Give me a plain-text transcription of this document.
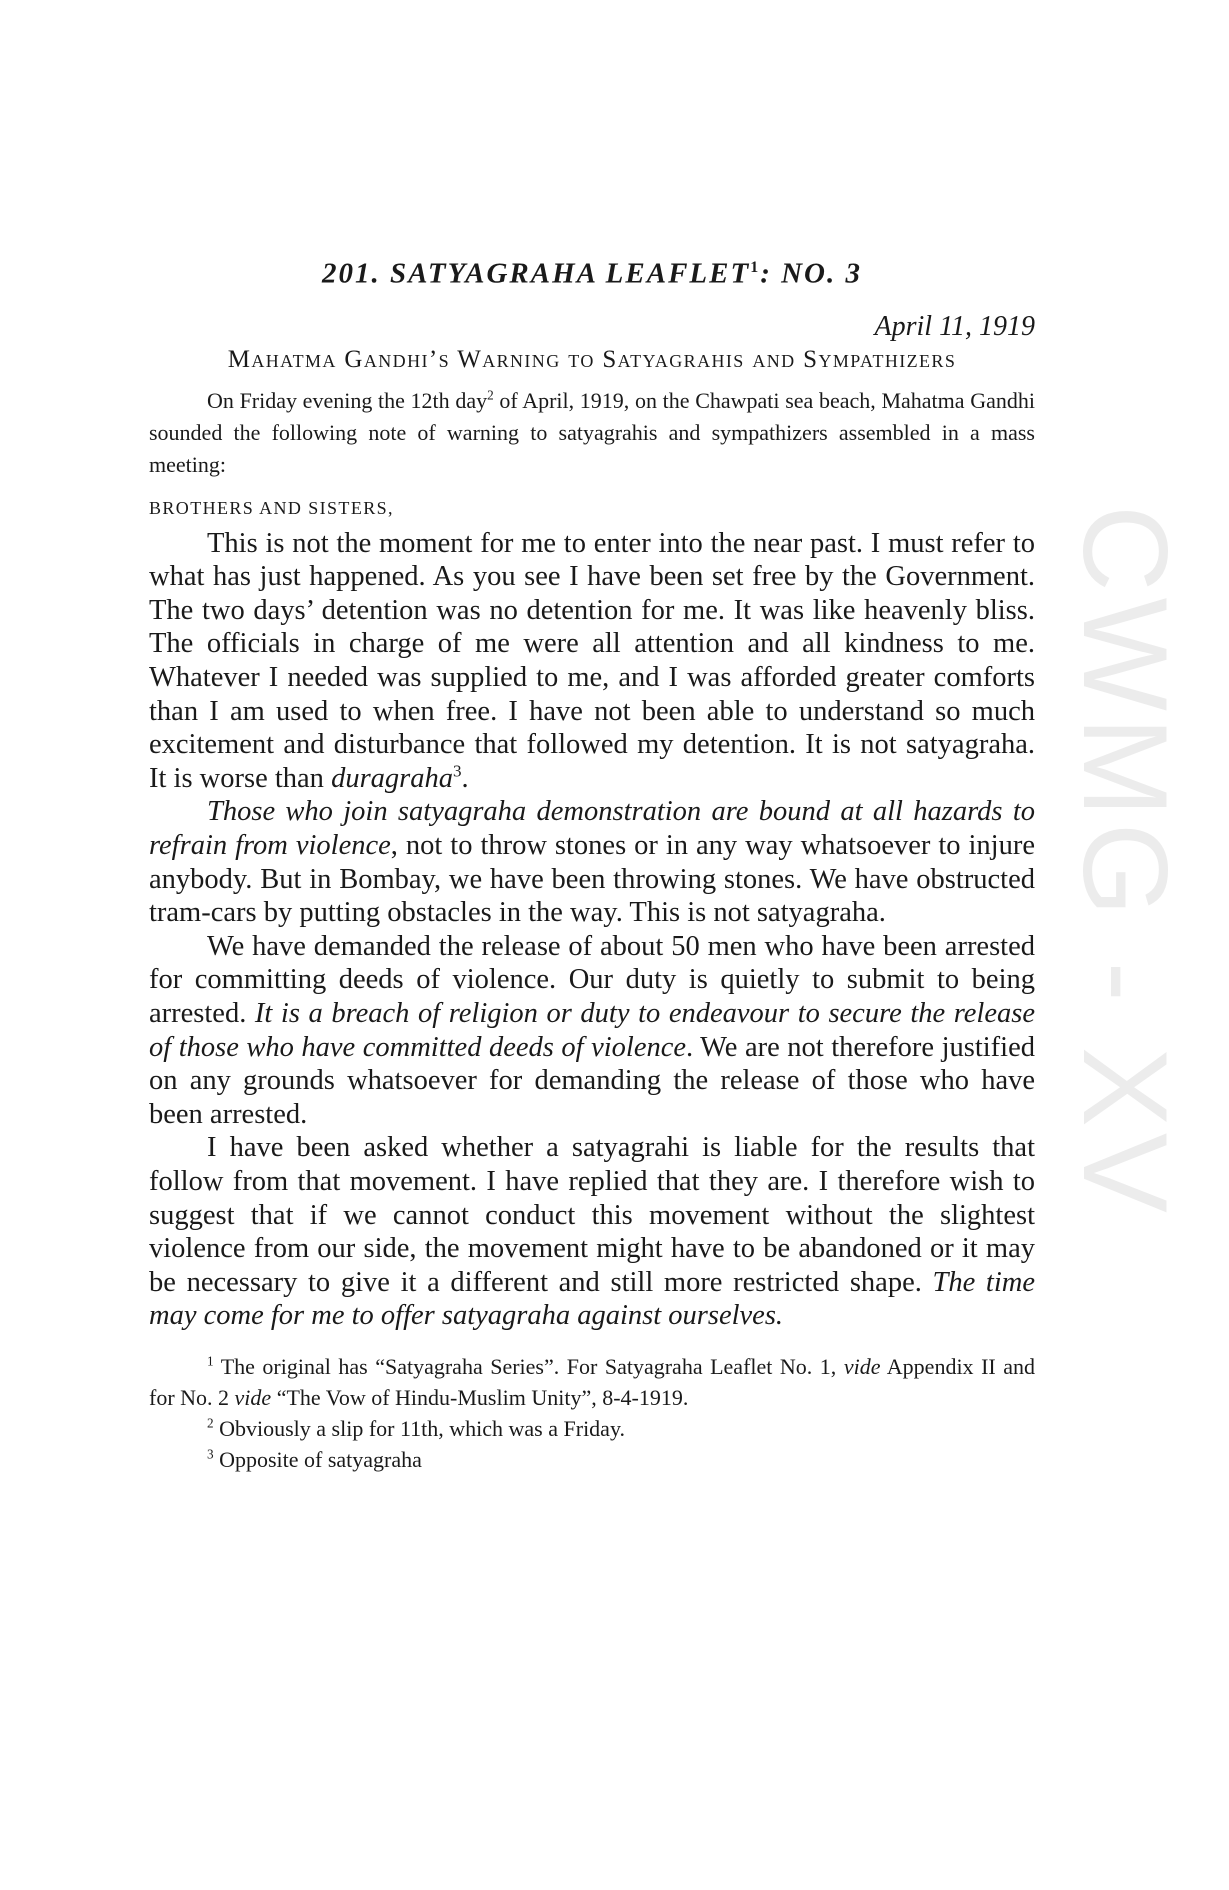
CWMG - XV
201. SATYAGRAHA LEAFLET$^1$: NO. 3

April 11, 1919

Mahatma Gandhi’s Warning to Satyagrahis and Sympathizers

On Friday evening the 12th day$^2$ of April, 1919, on the Chawpati sea beach, Mahatma Gandhi sounded the following note of warning to satyagrahis and sympathizers assembled in a mass meeting:

BROTHERS AND SISTERS,

This is not the moment for me to enter into the near past. I must refer to what has just happened. As you see I have been set free by the Government. The two days’ detention was no detention for me. It was like heavenly bliss. The officials in charge of me were all attention and all kindness to me. Whatever I needed was supplied to me, and I was afforded greater comforts than I am used to when free. I have not been able to understand so much excitement and disturbance that followed my detention. It is not satyagraha. It is worse than duragraha$^3$.

Those who join satyagraha demonstration are bound at all hazards to refrain from violence, not to throw stones or in any way whatsoever to injure anybody. But in Bombay, we have been throwing stones. We have obstructed tram-cars by putting obstacles in the way. This is not satyagraha.

We have demanded the release of about 50 men who have been arrested for committing deeds of violence. Our duty is quietly to submit to being arrested. It is a breach of religion or duty to endeavour to secure the release of those who have committed deeds of violence. We are not therefore justified on any grounds whatsoever for demanding the release of those who have been arrested.

I have been asked whether a satyagrahi is liable for the results that follow from that movement. I have replied that they are. I therefore wish to suggest that if we cannot conduct this movement without the slightest violence from our side, the movement might have to be abandoned or it may be necessary to give it a different and still more restricted shape. The time may come for me to offer satyagraha against ourselves.

$^1$ The original has “Satyagraha Series”. For Satyagraha Leaflet No. 1, vide Appendix II and for No. 2 vide “The Vow of Hindu-Muslim Unity”, 8-4-1919.

$^2$ Obviously a slip for 11th, which was a Friday.

$^3$ Opposite of satyagraha
